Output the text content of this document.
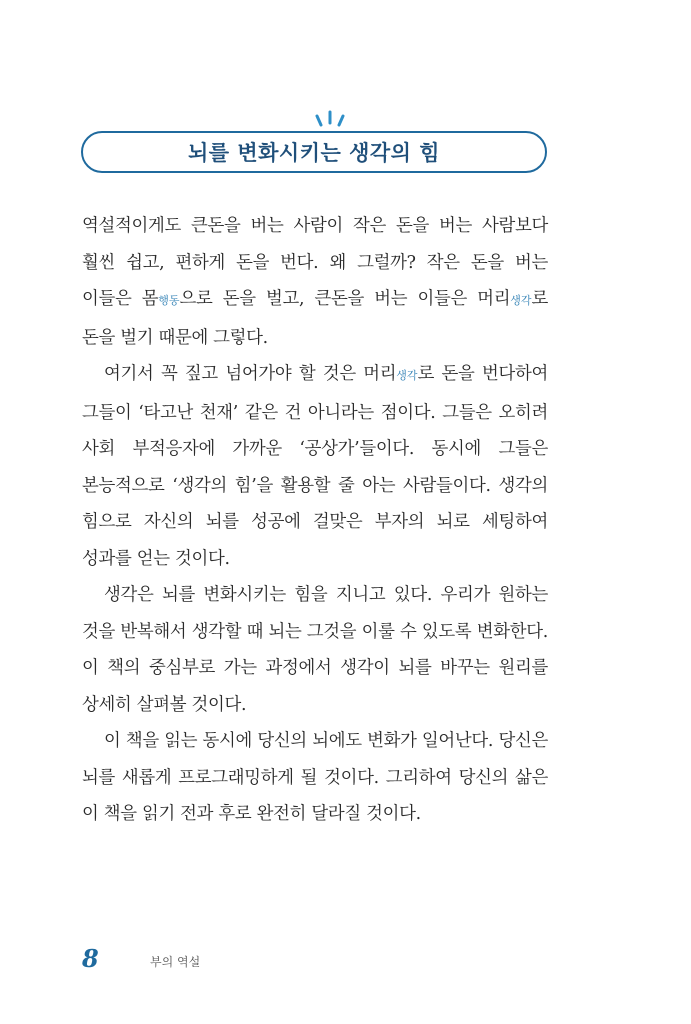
뇌를 변화시키는 생각의 힘

역설적이게도 큰돈을 버는 사람이 작은 돈을 버는 사람보다 훨씬 쉽고, 편하게 돈을 번다. 왜 그럴까? 작은 돈을 버는 이들은 몸행동으로 돈을 벌고, 큰돈을 버는 이들은 머리생각로 돈을 벌기 때문에 그렇다.

여기서 꼭 짚고 넘어가야 할 것은 머리생각로 돈을 번다하여 그들이 ‘타고난 천재’ 같은 건 아니라는 점이다. 그들은 오히려 사회 부적응자에 가까운 ‘공상가’들이다. 동시에 그들은 본능적으로 ‘생각의 힘’을 활용할 줄 아는 사람들이다. 생각의 힘으로 자신의 뇌를 성공에 걸맞은 부자의 뇌로 세팅하여 성과를 얻는 것이다.

생각은 뇌를 변화시키는 힘을 지니고 있다. 우리가 원하는 것을 반복해서 생각할 때 뇌는 그것을 이룰 수 있도록 변화한다. 이 책의 중심부로 가는 과정에서 생각이 뇌를 바꾸는 원리를 상세히 살펴볼 것이다.

이 책을 읽는 동시에 당신의 뇌에도 변화가 일어난다. 당신은 뇌를 새롭게 프로그래밍하게 될 것이다. 그리하여 당신의 삶은 이 책을 읽기 전과 후로 완전히 달라질 것이다.

8	부의 역설
